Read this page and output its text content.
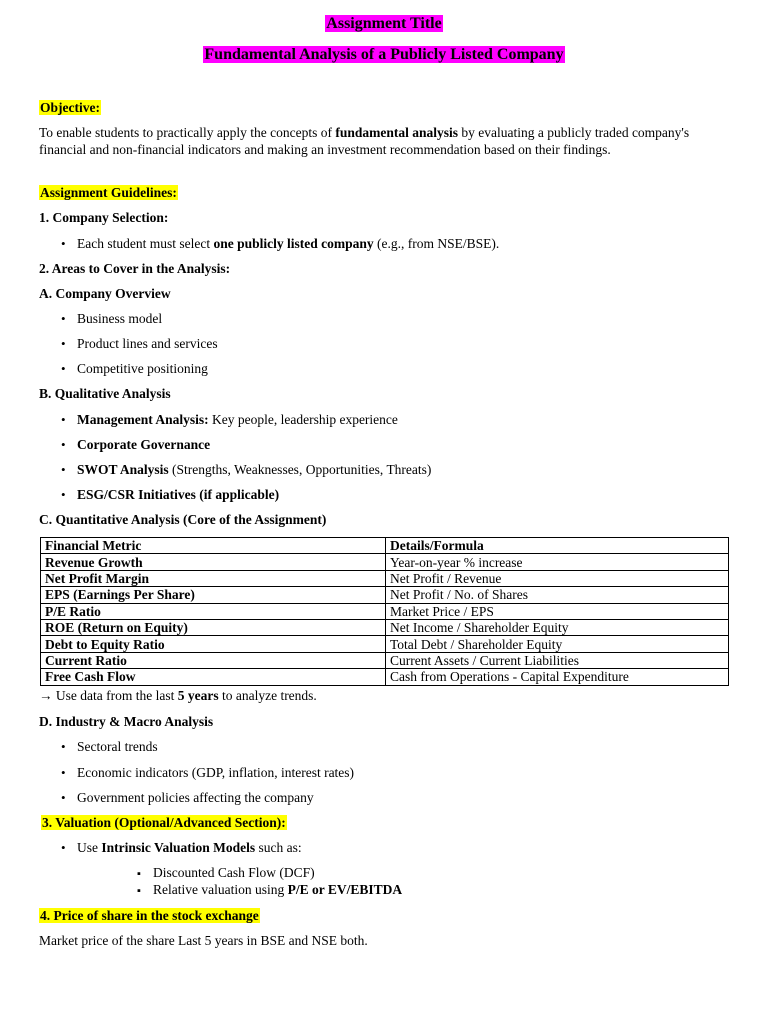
Assignment Title
Fundamental Analysis of a Publicly Listed Company
Objective:
To enable students to practically apply the concepts of fundamental analysis by evaluating a publicly traded company's financial and non-financial indicators and making an investment recommendation based on their findings.
Assignment Guidelines:
1. Company Selection:
•
Each student must select one publicly listed company (e.g., from NSE/BSE).
2. Areas to Cover in the Analysis:
A. Company Overview
•
Business model
•
Product lines and services
•
Competitive positioning
B. Qualitative Analysis
•
Management Analysis: Key people, leadership experience
•
Corporate Governance
•
SWOT Analysis (Strengths, Weaknesses, Opportunities, Threats)
•
ESG/CSR Initiatives (if applicable)
C. Quantitative Analysis (Core of the Assignment)
Financial Metric	Details/Formula
Revenue Growth	Year-on-year % increase
Net Profit Margin	Net Profit / Revenue
EPS (Earnings Per Share)	Net Profit / No. of Shares
P/E Ratio	Market Price / EPS
ROE (Return on Equity)	Net Income / Shareholder Equity
Debt to Equity Ratio	Total Debt / Shareholder Equity
Current Ratio	Current Assets / Current Liabilities
Free Cash Flow	Cash from Operations - Capital Expenditure
→ Use data from the last 5 years to analyze trends.
D. Industry & Macro Analysis
•
Sectoral trends
•
Economic indicators (GDP, inflation, interest rates)
•
Government policies affecting the company
3. Valuation (Optional/Advanced Section):
•
Use Intrinsic Valuation Models such as:
▪
Discounted Cash Flow (DCF)
▪
Relative valuation using P/E or EV/EBITDA
4. Price of share in the stock exchange
Market price of the share Last 5 years in BSE and NSE both.
